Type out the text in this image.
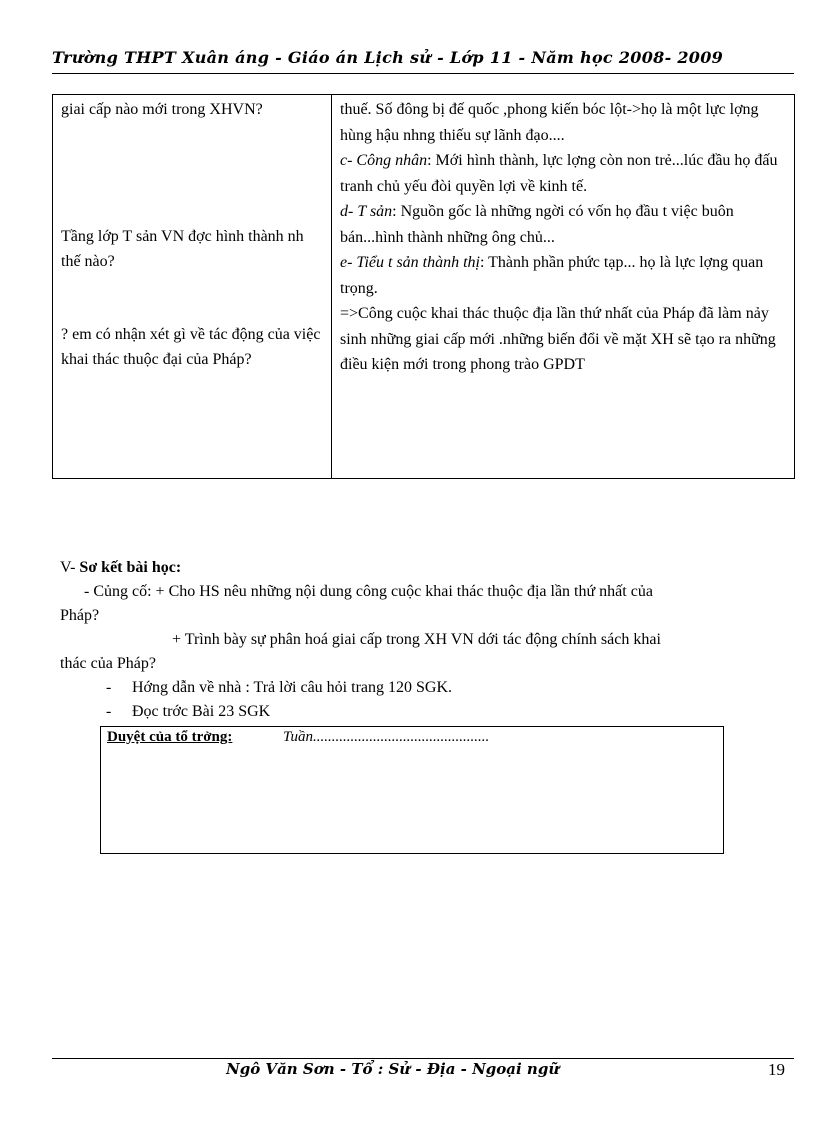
Trường THPT Xuân áng - Giáo án Lịch sử - Lớp 11 - Năm học 2008- 2009
giai cấp nào mới trong XHVN?
Tầng lớp T sản VN đợc hình thành nh thế nào?
? em có nhận xét gì về tác động của việc khai thác thuộc đại của Pháp?

thuế. Số đông bị đế quốc ,phong kiến bóc lột->họ là một lực lợng hùng hậu nhng thiếu sự lãnh đạo....

c- Công nhân: Mới hình thành, lực lợng còn non trẻ...lúc đầu họ đấu tranh chủ yếu đòi quyền lợi về kinh tế.

d- T sản: Nguồn gốc là những ngời có vốn họ đầu t việc buôn bán...hình thành những ông chủ...

e- Tiểu t sản thành thị: Thành phần phức tạp... họ là lực lợng quan trọng.

=>Công cuộc khai thác thuộc địa lần thứ nhất của Pháp đã làm nảy sinh những giai cấp mới .những biến đổi về mặt XH sẽ tạo ra những điều kiện mới trong phong trào GPDT

V- Sơ kết bài học:
- Củng cố: + Cho HS nêu những nội dung công cuộc khai thác thuộc địa lần thứ nhất của
Pháp?
+ Trình bày sự phân hoá giai cấp trong XH VN dới tác động chính sách khai
thác của Pháp?
- Hớng dẫn về nhà : Trả lời câu hỏi trang 120 SGK.
- Đọc trớc Bài 23 SGK
Duyệt của tổ trởng:	Tuần...............................................
Ngô Văn Sơn - Tổ : Sử - Địa - Ngoại ngữ	19
